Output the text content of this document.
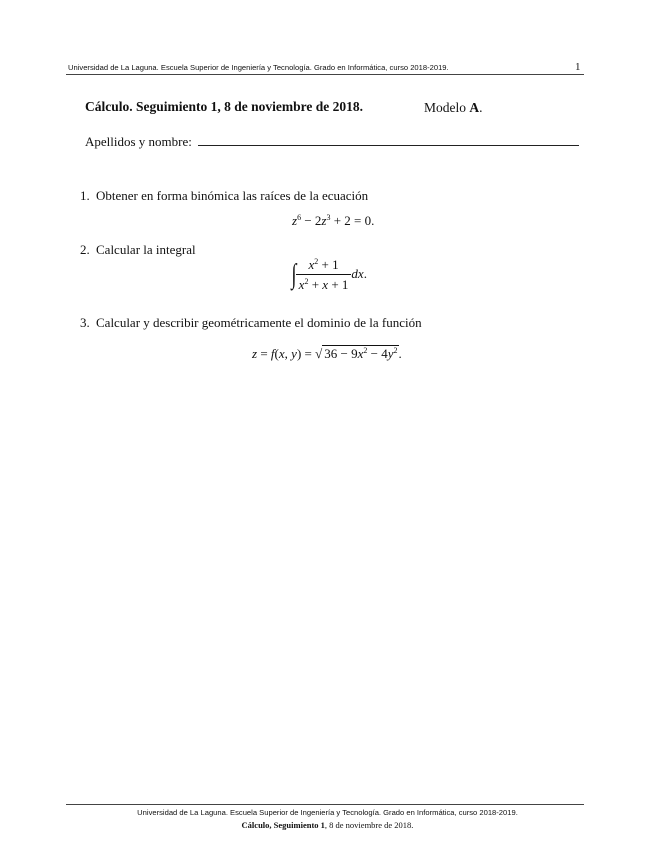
Universidad de La Laguna. Escuela Superior de Ingeniería y Tecnología. Grado en Informática, curso 2018-2019.	1
Cálculo. Seguimiento 1, 8 de noviembre de 2018.	Modelo A.
Apellidos y nombre:
1. Obtener en forma binómica las raíces de la ecuación
$z^6 - 2z^3 + 2 = 0$.
2. Calcular la integral
∫ $\frac{x^2 + 1}{x^2 + x + 1}$ dx.
3. Calcular y describir geométricamente el dominio de la función
z = f(x, y) = √ $36 - 9x^2 - 4y^2$.
Universidad de La Laguna. Escuela Superior de Ingeniería y Tecnología. Grado en Informática, curso 2018-2019.
Cálculo, Seguimiento 1, 8 de noviembre de 2018.
